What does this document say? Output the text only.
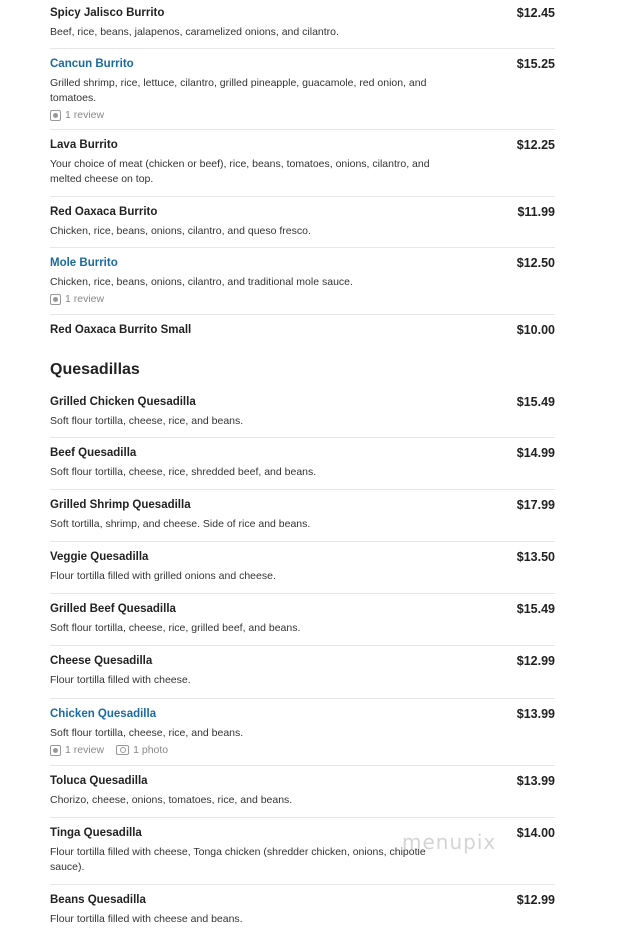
Spicy Jalisco Burrito	$12.45
Beef, rice, beans, jalapenos, caramelized onions, and cilantro.
Cancun Burrito	$15.25
Grilled shrimp, rice, lettuce, cilantro, grilled pineapple, guacamole, red onion, and tomatoes.
1 review
Lava Burrito	$12.25
Your choice of meat (chicken or beef), rice, beans, tomatoes, onions, cilantro, and melted cheese on top.
Red Oaxaca Burrito	$11.99
Chicken, rice, beans, onions, cilantro, and queso fresco.
Mole Burrito	$12.50
Chicken, rice, beans, onions, cilantro, and traditional mole sauce.
1 review
Red Oaxaca Burrito Small	$10.00
Quesadillas
Grilled Chicken Quesadilla	$15.49
Soft flour tortilla, cheese, rice, and beans.
Beef Quesadilla	$14.99
Soft flour tortilla, cheese, rice, shredded beef, and beans.
Grilled Shrimp Quesadilla	$17.99
Soft tortilla, shrimp, and cheese. Side of rice and beans.
Veggie Quesadilla	$13.50
Flour tortilla filled with grilled onions and cheese.
Grilled Beef Quesadilla	$15.49
Soft flour tortilla, cheese, rice, grilled beef, and beans.
Cheese Quesadilla	$12.99
Flour tortilla filled with cheese.
Chicken Quesadilla	$13.99
Soft flour tortilla, cheese, rice, and beans.
1 review	1 photo
Toluca Quesadilla	$13.99
Chorizo, cheese, onions, tomatoes, rice, and beans.
Tinga Quesadilla	$14.00
Flour tortilla filled with cheese, Tonga chicken (shredder chicken, onions, chipotle sauce).
Beans Quesadilla	$12.99
Flour tortilla filled with cheese and beans.
menupix
